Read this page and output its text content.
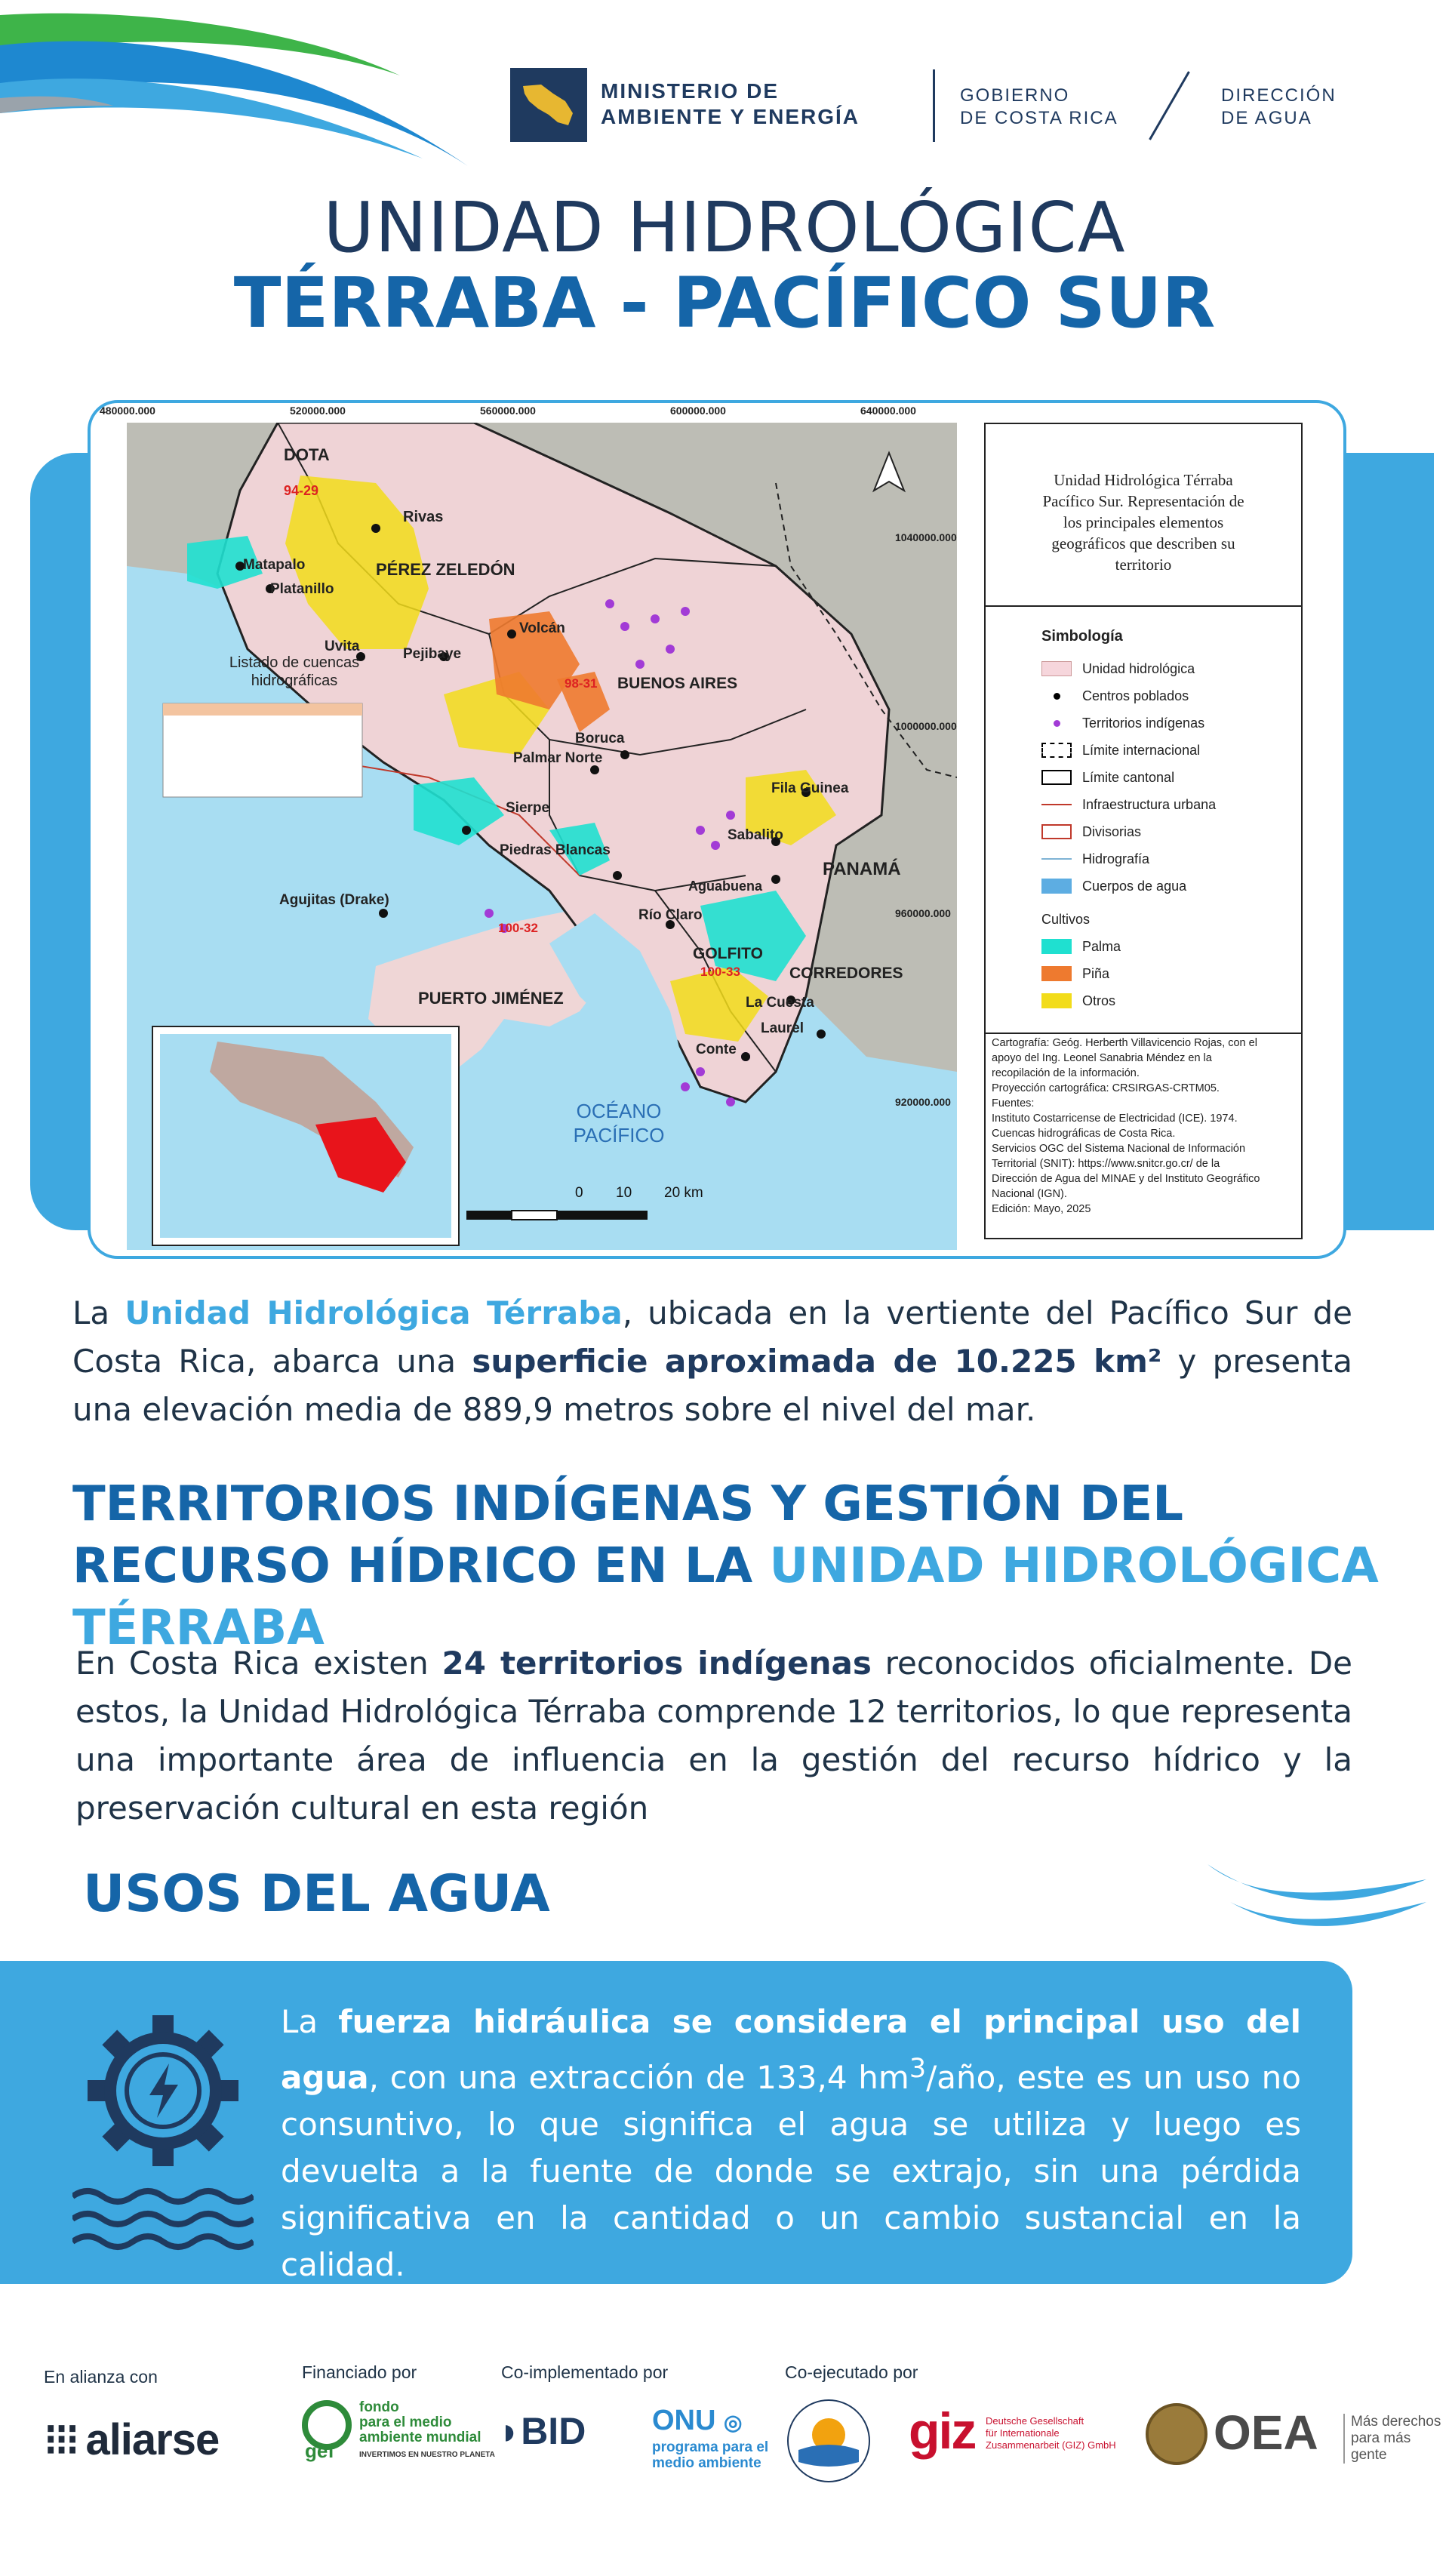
MINISTERIO DE
AMBIENTE Y ENERGÍA
GOBIERNO
DE COSTA RICA
DIRECCIÓN
DE AGUA
UNIDAD HIDROLÓGICA
TÉRRABA - PACÍFICO SUR
480000.000	520000.000	560000.000	600000.000	640000.000
DOTA
94-29
Rivas
PÉREZ ZELEDÓN
Matapalo
Platanillo
Volcán
Uvita	Pejibaye
Listado de cuencas
hidrográficas	98-31 BUENOS AIRES
Boruca
Palmar Norte
Fila Guinea
Sierpe
Sabalito
Piedras Blancas
PANAMÁ
Aguabuena
Agujitas (Drake)
Río Claro
100-32
GOLFITO
100-33	CORREDORES
PUERTO JIMÉNEZ	La Cuesta
Laurel
Conte
OCÉANO
PACÍFICO
0 10 20 km
1040000.000
1000000.000
960000.000
920000.000
Unidad Hidrológica Térraba
Pacífico Sur. Representación de
los principales elementos
geográficos que describen su
territorio
Simbología
Unidad hidrológica
Centros poblados
Territorios indígenas
Límite internacional
Límite cantonal
Infraestructura urbana
Divisorias
Hidrografía
Cuerpos de agua
Cultivos
Palma
Piña
Otros
Cartografía: Geóg. Herberth Villavicencio Rojas, con el
apoyo del Ing. Leonel Sanabria Méndez en la
recopilación de la información.
Proyección cartográfica: CRSIRGAS-CRTM05.
Fuentes:
Instituto Costarricense de Electricidad (ICE). 1974.
Cuencas hidrográficas de Costa Rica.
Servicios OGC del Sistema Nacional de Información
Territorial (SNIT): https://www.snitcr.go.cr/ de la
Dirección de Agua del MINAE y del Instituto Geográfico
Nacional (IGN).
Edición: Mayo, 2025
La Unidad Hidrológica Térraba, ubicada en la vertiente del Pacífico Sur de Costa Rica, abarca una superficie aproximada de 10.225 km² y presenta una elevación media de 889,9 metros sobre el nivel del mar.
TERRITORIOS INDÍGENAS Y GESTIÓN DEL RECURSO HÍDRICO EN LA UNIDAD HIDROLÓGICA TÉRRABA
En Costa Rica existen 24 territorios indígenas reconocidos oficialmente. De estos, la Unidad Hidrológica Térraba comprende 12 territorios, lo que representa una importante área de influencia en la gestión del recurso hídrico y la preservación cultural en esta región
USOS DEL AGUA
La fuerza hidráulica se considera el principal uso del agua, con una extracción de 133,4 $hm^3$/año, este es un uso no consuntivo, lo que significa el agua se utiliza y luego es devuelta a la fuente de donde se extrajo, sin una pérdida significativa en la cantidad o un cambio sustancial en la calidad.
En alianza con	Financiado por	Co-implementado por	Co-ejecutado por
⁝⁝⁝ aliarse	gef
fondo
para el medio
ambiente mundial
INVERTIMOS EN NUESTRO PLANETA
◗BID ONU ◎
programa para el
medio ambiente
giz Deutsche Gesellschaft
für Internationale
Zusammenarbeit (GIZ) GmbH OEA Más derechos
para más gente
